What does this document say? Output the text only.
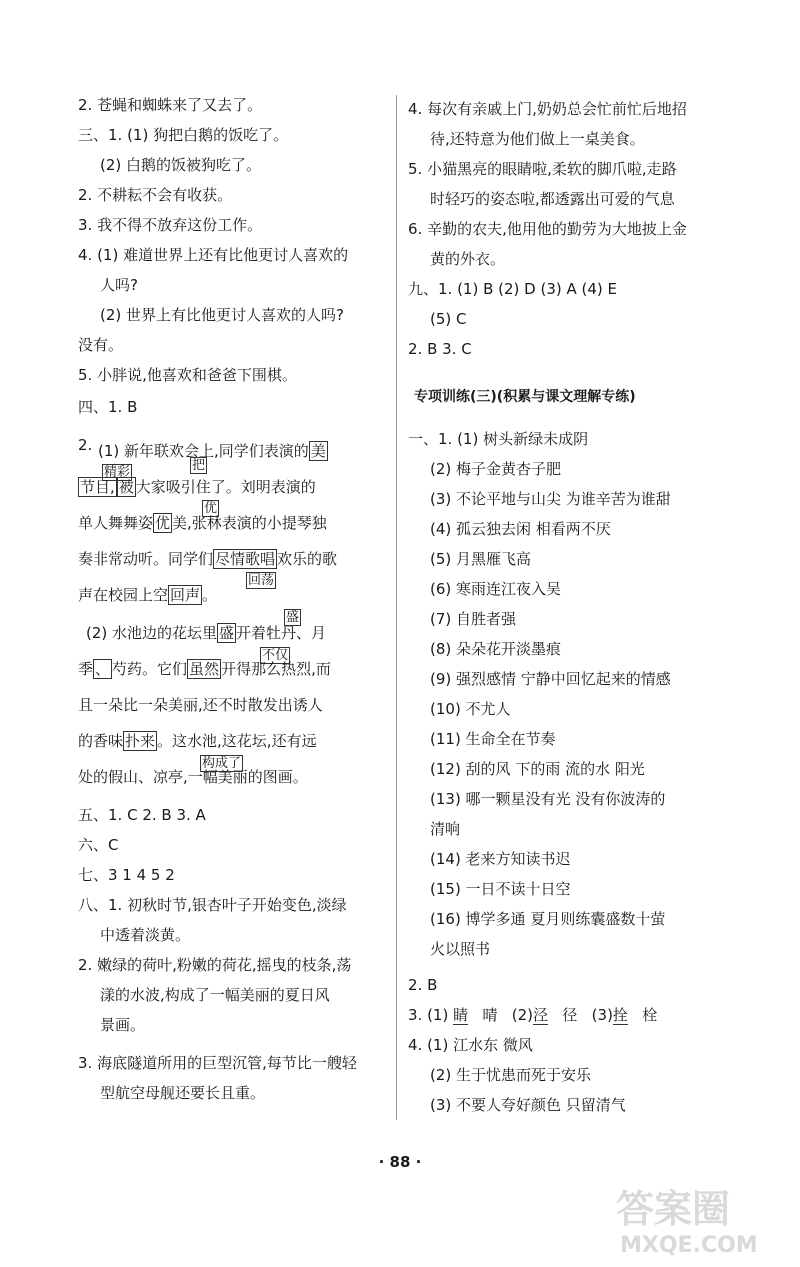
2. 苍蝇和蜘蛛来了又去了。
三、1. (1) 狗把白鹅的饭吃了。
(2) 白鹅的饭被狗吃了。
2. 不耕耘不会有收获。
3. 我不得不放弃这份工作。
4. (1) 难道世界上还有比他更讨人喜欢的
人吗?
(2) 世界上有比他更讨人喜欢的人吗?
没有。
5. 小胖说,他喜欢和爸爸下围棋。
四、1. B
2. (1) 新年联欢会上,同学们表演的 美
精彩	把
节目, 被 大家吸引住了。刘明表演的
优
单人舞舞姿 优 美,张林表演的小提琴独
奏非常动听。同学们 尽情歌唱 欢乐的歌
回荡
声在校园上空 回声 。
盛
(2) 水池边的花坛里 盛 开着牡丹、月
不仅
季 、 芍药。它们 虽然 开得那么热烈,而
且一朵比一朵美丽,还不时散发出诱人
的香味 扑来 。这水池,这花坛,还有远
构成了
处的假山、凉亭,一幅美丽的图画。
五、1. C 2. B 3. A
六、C
七、3 1 4 5 2
八、1. 初秋时节,银杏叶子开始变色,淡绿
中透着淡黄。
2. 嫩绿的荷叶,粉嫩的荷花,摇曳的枝条,荡
漾的水波,构成了一幅美丽的夏日风
景画。
3. 海底隧道所用的巨型沉管,每节比一艘轻
型航空母舰还要长且重。
4. 每次有亲戚上门,奶奶总会忙前忙后地招
待,还特意为他们做上一桌美食。
5. 小猫黑亮的眼睛啦,柔软的脚爪啦,走路
时轻巧的姿态啦,都透露出可爱的气息
6. 辛勤的农夫,他用他的勤劳为大地披上金
黄的外衣。
九、1. (1) B (2) D (3) A (4) E
(5) C
2. B 3. C
专项训练(三)(积累与课文理解专练)
一、1. (1) 树头新绿未成阴
(2) 梅子金黄杏子肥
(3) 不论平地与山尖 为谁辛苦为谁甜
(4) 孤云独去闲 相看两不厌
(5) 月黑雁飞高
(6) 寒雨连江夜入吴
(7) 自胜者强
(8) 朵朵花开淡墨痕
(9) 强烈感情 宁静中回忆起来的情感
(10) 不尤人
(11) 生命全在节奏
(12) 刮的风 下的雨 流的水 阳光
(13) 哪一颗星没有光 没有你波涛的
清响
(14) 老来方知读书迟
(15) 一日不读十日空
(16) 博学多通 夏月则练囊盛数十萤
火以照书
2. B
3. (1) 睛 晴 (2)泾 径 (3)拴 栓
4. (1) 江水东 微风
(2) 生于忧患而死于安乐
(3) 不要人夸好颜色 只留清气
· 88 ·
答案圈
MXQE.COM
